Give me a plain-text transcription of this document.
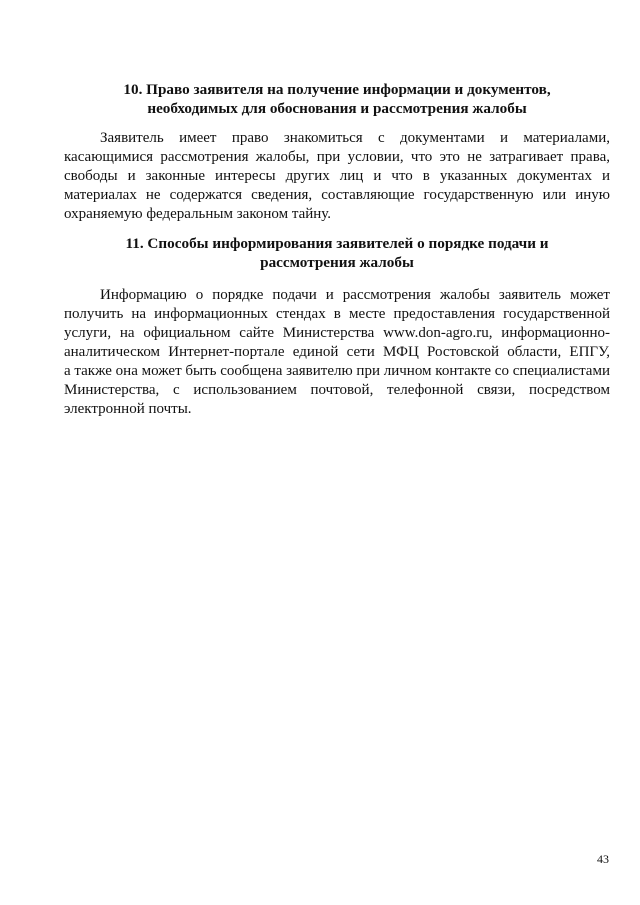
10. Право заявителя на получение информации и документов,
необходимых для обоснования и рассмотрения жалобы
Заявитель имеет право знакомиться с документами и материалами,
касающимися рассмотрения жалобы, при условии, что это не затрагивает права,
свободы и законные интересы других лиц и что в указанных документах и
материалах не содержатся сведения, составляющие государственную или иную
охраняемую федеральным законом тайну.
11. Способы информирования заявителей о порядке подачи и
рассмотрения жалобы
Информацию о порядке подачи и рассмотрения жалобы заявитель может
получить на информационных стендах в месте предоставления государственной
услуги, на официальном сайте Министерства www.don-agro.ru, информационно-
аналитическом Интернет-портале единой сети МФЦ Ростовской области, ЕПГУ,
а также она может быть сообщена заявителю при личном контакте со специалистами
Министерства, с использованием почтовой, телефонной связи, посредством
электронной почты.
43
